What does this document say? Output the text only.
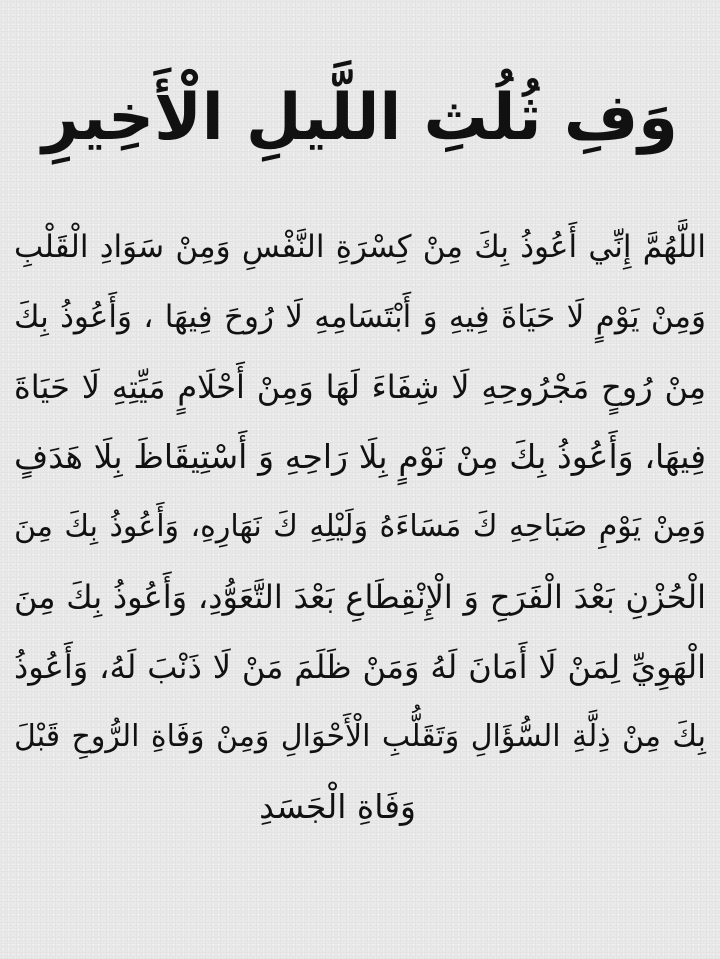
وَفِ ثُلُثِ اللَّيلِ الْأَخِيرِ
اللَّهُمَّ إِنِّي أَعُوذُ بِكَ مِنْ كِسْرَةِ النَّفْسِ وَمِنْ سَوَادِ الْقَلْبِ
وَمِنْ يَوْمٍ لَا حَيَاةَ فِيهِ وَ أَبْتَسَامِهِ لَا رُوحَ فِيهَا ، وَأَعُوذُ بِكَ
مِنْ رُوحٍ مَجْرُوحِهِ لَا شِفَاءَ لَهَا وَمِنْ أَحْلَامٍ مَيِّتِهِ لَا حَيَاةَ
فِيهَا، وَأَعُوذُ بِكَ مِنْ نَوْمٍ بِلَا رَاحِهِ وَ أَسْتِيقَاظَ بِلَا هَدَفٍ
وَمِنْ يَوْمِ صَبَاحِهِ كَ مَسَاءَهُ وَلَيْلِهِ كَ نَهَارِهِ، وَأَعُوذُ بِكَ مِنَ
الْحُزْنِ بَعْدَ الْفَرَحِ وَ الْإِنْقِطَاعِ بَعْدَ التَّعَوُّدِ، وَأَعُوذُ بِكَ مِنَ
الْهَوِيِّ لِمَنْ لَا أَمَانَ لَهُ وَمَنْ ظَلَمَ مَنْ لَا ذَنْبَ لَهُ، وَأَعُوذُ
بِكَ مِنْ ذِلَّةِ السُّؤَالِ وَتَقَلُّبِ الْأَحْوَالِ وَمِنْ وَفَاةِ الرُّوحِ قَبْلَ
وَفَاةِ الْجَسَدِ
